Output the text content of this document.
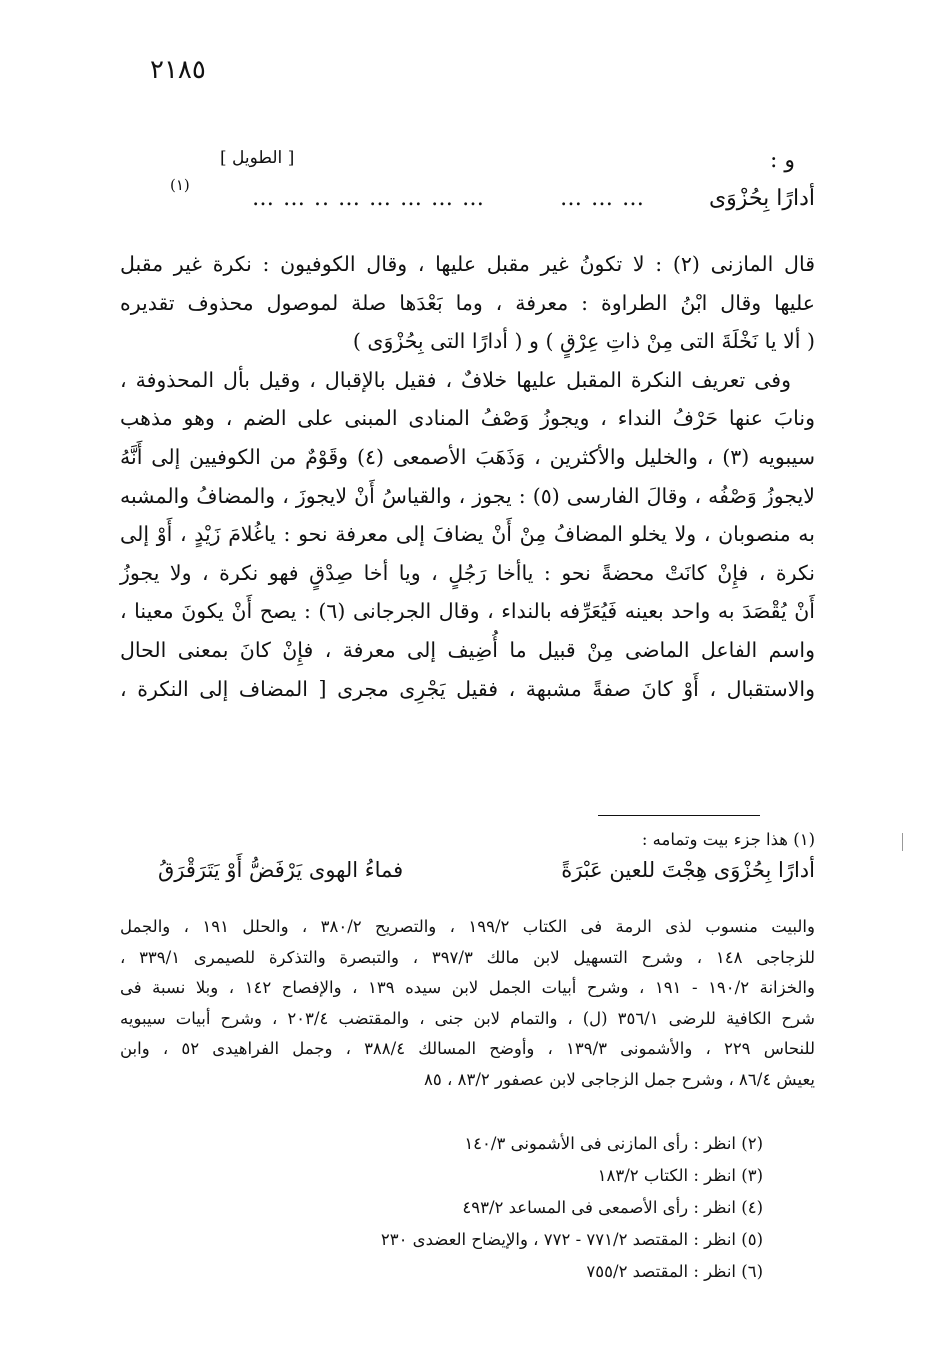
٢١٨٥
[ الطويل ]	و :
أدارًا بِحُزْوَى
… … …
… … … … … .. … …
(١)

قال المازنى (٢) : لا تكونُ غير مقبل عليها ، وقال الكوفيون : نكرة غير مقبل

عليها وقال ابْنُ الطراوة : معرفة ، وما بَعْدَها صلة لموصول محذوف تقديره

( ألا يا نَخْلَةَ التى مِنْ ذاتِ عِرْقٍ ) و ( أدارًا التى بِحُزْوَى )

وفى تعريف النكرة المقبل عليها خلافٌ ، فقيل بالإقبال ، وقيل بأل المحذوفة ،

ونابَ عنها حَرْفُ النداء ، ويجوزُ وَصْفُ المنادى المبنى على الضم ، وهو مذهب

سيبويه (٣) ، والخليل والأكثرين ، وَذَهَبَ الأصمعى (٤) وقَوْمٌ من الكوفيين إلى أَنَّهُ

لايجوزُ وَصْفُه ، وقالَ الفارسى (٥) : يجوز ، والقياسُ أَنْ لايجوزَ ، والمضافُ والمشبه

به منصوبان ، ولا يخلو المضافُ مِنْ أَنْ يضافَ إلى معرفة نحو : ياغُلامَ زَيْدٍ ، أَوْ إلى

نكرة ، فإِنْ كانَتْ محضةً نحو : ياأخا رَجُلٍ ، ويا أخا صِدْقٍ فهو نكرة ، ولا يجوزُ

أَنْ يُقْصَدَ به واحد بعينه فَيُعَرِّفه بالنداء ، وقال الجرجانى (٦) : يصح أَنْ يكونَ معينا ،

واسم الفاعل الماضى مِنْ قبيل ما أُضِيف إلى معرفة ، فإِنْ كانَ بمعنى الحال

والاستقبال ، أَوْ كانَ صفةً مشبهة ، فقيل يَجْرِى مجرى [ المضاف إلى النكرة ،

(١) هذا جزء بيت وتمامه :

أدارًا بِحُزْوَى هِجْتَ للعين عَبْرَةً
فماءُ الهوى يَرْفَضُّ أَوْ يَتَرَقْرَقُ

والبيت منسوب لذى الرمة فى الكتاب ١٩٩/٢ ، والتصريح ٣٨٠/٢ ، والحلل ١٩١ ، والجمل

للزجاجى ١٤٨ ، وشرح التسهيل لابن مالك ٣٩٧/٣ ، والتبصرة والتذكرة للصيمرى ٣٣٩/١ ،

والخزانة ١٩٠/٢ - ١٩١ ، وشرح أبيات الجمل لابن سيده ١٣٩ ، والإفصاح ١٤٢ ، وبلا نسبة فى

شرح الكافية للرضى ٣٥٦/١ (ل) ، والتمام لابن جنى ، والمقتضب ٢٠٣/٤ ، وشرح أبيات سيبويه

للنحاس ٢٢٩ ، والأشمونى ١٣٩/٣ ، وأوضح المسالك ٣٨٨/٤ ، وجمل الفراهيدى ٥٢ ، وابن

يعيش ٨٦/٤ ، وشرح جمل الزجاجى لابن عصفور ٨٣/٢ ، ٨٥

(٢) انظر : رأى المازنى فى الأشمونى ١٤٠/٣

(٣) انظر : الكتاب ١٨٣/٢

(٤) انظر : رأى الأصمعى فى المساعد ٤٩٣/٢

(٥) انظر : المقتصد ٧٧١/٢ - ٧٧٢ ، والإيضاح العضدى ٢٣٠

(٦) انظر : المقتصد ٧٥٥/٢
